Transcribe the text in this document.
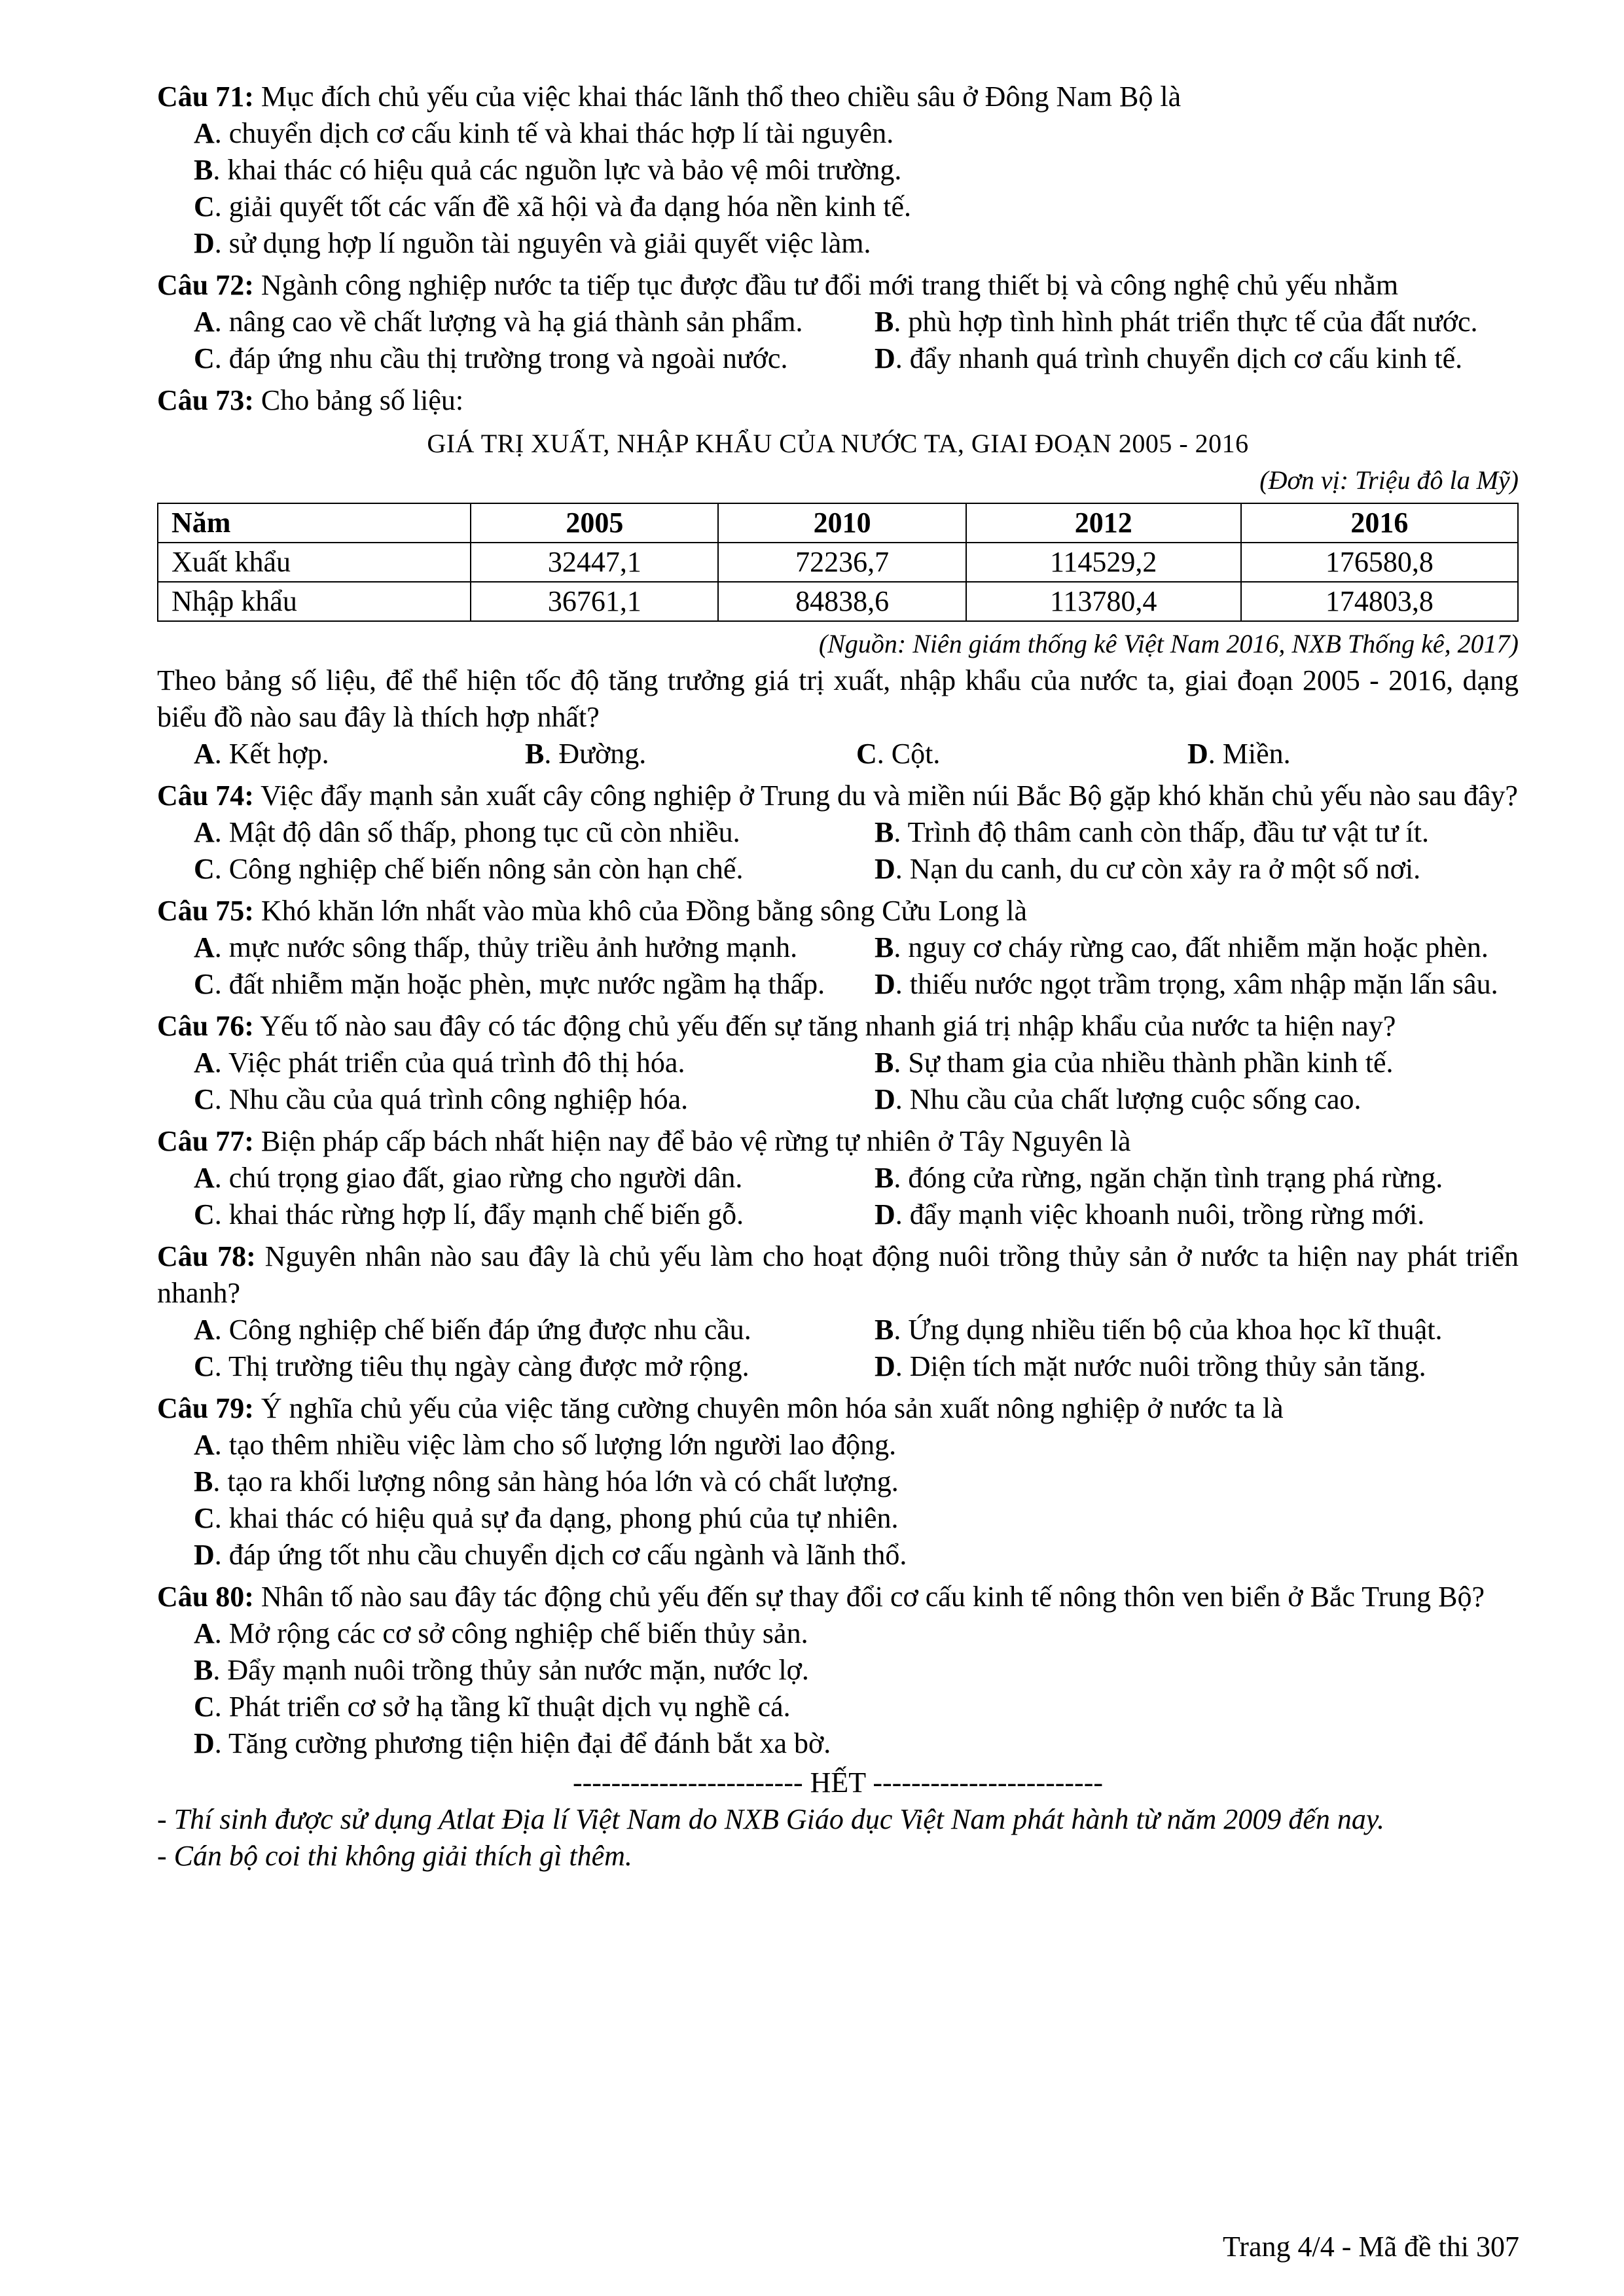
Câu 71: Mục đích chủ yếu của việc khai thác lãnh thổ theo chiều sâu ở Đông Nam Bộ là
A. chuyển dịch cơ cấu kinh tế và khai thác hợp lí tài nguyên.
B. khai thác có hiệu quả các nguồn lực và bảo vệ môi trường.
C. giải quyết tốt các vấn đề xã hội và đa dạng hóa nền kinh tế.
D. sử dụng hợp lí nguồn tài nguyên và giải quyết việc làm.
Câu 72: Ngành công nghiệp nước ta tiếp tục được đầu tư đổi mới trang thiết bị và công nghệ chủ yếu nhằm
A. nâng cao về chất lượng và hạ giá thành sản phẩm.	B. phù hợp tình hình phát triển thực tế của đất nước.
C. đáp ứng nhu cầu thị trường trong và ngoài nước.	D. đẩy nhanh quá trình chuyển dịch cơ cấu kinh tế.
Câu 73: Cho bảng số liệu:
GIÁ TRỊ XUẤT, NHẬP KHẨU CỦA NƯỚC TA, GIAI ĐOẠN 2005 - 2016
(Đơn vị: Triệu đô la Mỹ)
Năm	2005	2010	2012	2016
Xuất khẩu	32447,1	72236,7	114529,2	176580,8
Nhập khẩu	36761,1	84838,6	113780,4	174803,8
(Nguồn: Niên giám thống kê Việt Nam 2016, NXB Thống kê, 2017)
Theo bảng số liệu, để thể hiện tốc độ tăng trưởng giá trị xuất, nhập khẩu của nước ta, giai đoạn 2005 - 2016, dạng biểu đồ nào sau đây là thích hợp nhất?
A. Kết hợp.	B. Đường.	C. Cột.	D. Miền.
Câu 74: Việc đẩy mạnh sản xuất cây công nghiệp ở Trung du và miền núi Bắc Bộ gặp khó khăn chủ yếu nào sau đây?
A. Mật độ dân số thấp, phong tục cũ còn nhiều.	B. Trình độ thâm canh còn thấp, đầu tư vật tư ít.
C. Công nghiệp chế biến nông sản còn hạn chế.	D. Nạn du canh, du cư còn xảy ra ở một số nơi.
Câu 75: Khó khăn lớn nhất vào mùa khô của Đồng bằng sông Cửu Long là
A. mực nước sông thấp, thủy triều ảnh hưởng mạnh.	B. nguy cơ cháy rừng cao, đất nhiễm mặn hoặc phèn.
C. đất nhiễm mặn hoặc phèn, mực nước ngầm hạ thấp.	D. thiếu nước ngọt trầm trọng, xâm nhập mặn lấn sâu.
Câu 76: Yếu tố nào sau đây có tác động chủ yếu đến sự tăng nhanh giá trị nhập khẩu của nước ta hiện nay?
A. Việc phát triển của quá trình đô thị hóa.	B. Sự tham gia của nhiều thành phần kinh tế.
C. Nhu cầu của quá trình công nghiệp hóa.	D. Nhu cầu của chất lượng cuộc sống cao.
Câu 77: Biện pháp cấp bách nhất hiện nay để bảo vệ rừng tự nhiên ở Tây Nguyên là
A. chú trọng giao đất, giao rừng cho người dân.	B. đóng cửa rừng, ngăn chặn tình trạng phá rừng.
C. khai thác rừng hợp lí, đẩy mạnh chế biến gỗ.	D. đẩy mạnh việc khoanh nuôi, trồng rừng mới.
Câu 78: Nguyên nhân nào sau đây là chủ yếu làm cho hoạt động nuôi trồng thủy sản ở nước ta hiện nay phát triển nhanh?
A. Công nghiệp chế biến đáp ứng được nhu cầu.	B. Ứng dụng nhiều tiến bộ của khoa học kĩ thuật.
C. Thị trường tiêu thụ ngày càng được mở rộng.	D. Diện tích mặt nước nuôi trồng thủy sản tăng.
Câu 79: Ý nghĩa chủ yếu của việc tăng cường chuyên môn hóa sản xuất nông nghiệp ở nước ta là
A. tạo thêm nhiều việc làm cho số lượng lớn người lao động.
B. tạo ra khối lượng nông sản hàng hóa lớn và có chất lượng.
C. khai thác có hiệu quả sự đa dạng, phong phú của tự nhiên.
D. đáp ứng tốt nhu cầu chuyển dịch cơ cấu ngành và lãnh thổ.
Câu 80: Nhân tố nào sau đây tác động chủ yếu đến sự thay đổi cơ cấu kinh tế nông thôn ven biển ở Bắc Trung Bộ?
A. Mở rộng các cơ sở công nghiệp chế biến thủy sản.
B. Đẩy mạnh nuôi trồng thủy sản nước mặn, nước lợ.
C. Phát triển cơ sở hạ tầng kĩ thuật dịch vụ nghề cá.
D. Tăng cường phương tiện hiện đại để đánh bắt xa bờ.
------------------------ HẾT ------------------------
- Thí sinh được sử dụng Atlat Địa lí Việt Nam do NXB Giáo dục Việt Nam phát hành từ năm 2009 đến nay.
- Cán bộ coi thi không giải thích gì thêm.
Trang 4/4 - Mã đề thi 307
